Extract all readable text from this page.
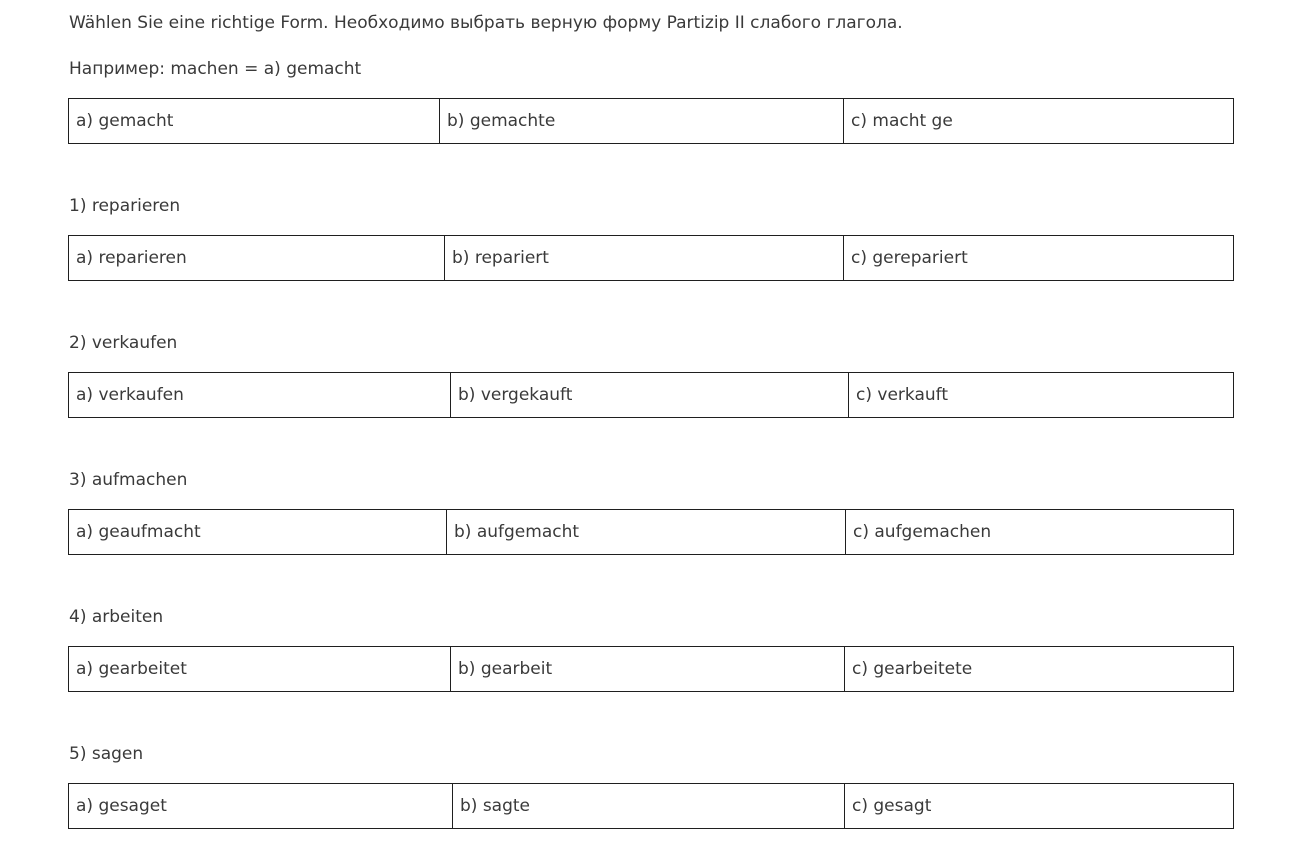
Wählen Sie eine richtige Form. Необходимо выбрать верную форму Partizip II слабого глагола.

Например: machen = a) gemacht

a) gemacht	b) gemachte	c) macht ge

1) reparieren

a) reparieren	b) repariert	c) gerepariert

2) verkaufen

a) verkaufen	b) vergekauft	c) verkauft

3) aufmachen

a) geaufmacht	b) aufgemacht	c) aufgemachen

4) arbeiten

a) gearbeitet	b) gearbeit	c) gearbeitete

5) sagen

a) gesaget	b) sagte	c) gesagt
